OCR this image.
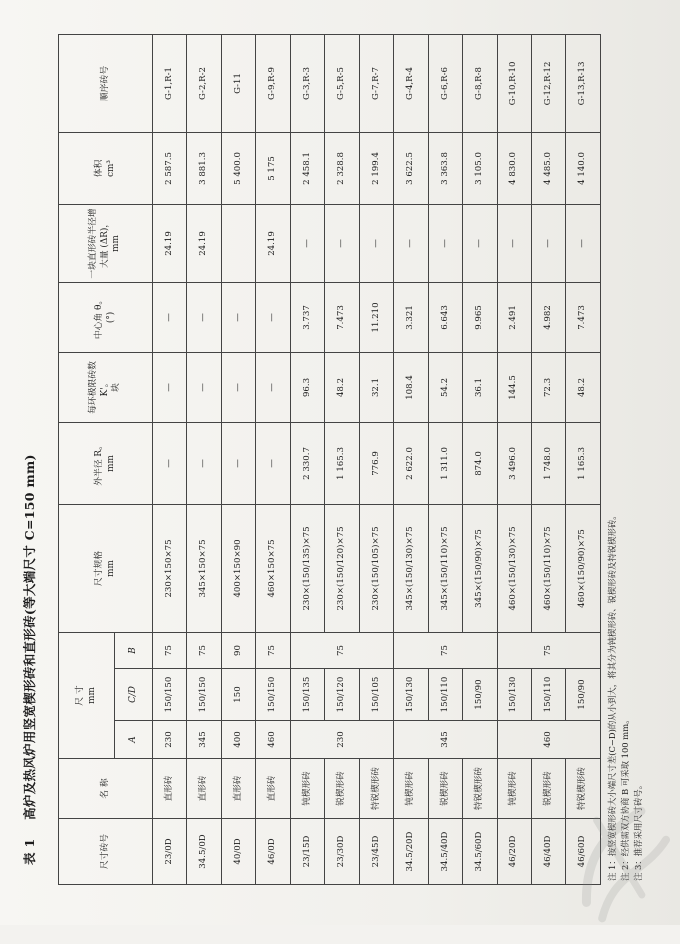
表 1 高炉及热风炉用竖宽楔形砖和直形砖(等大端尺寸 C=150 mm)
尺寸砖号	名 称	尺 寸 mm			尺寸规格 mm	外半径 R。 mm	每环极限砖数 K'。 块	中心角 θ。 (°)	一块直形砖半径增大量 (ΔR)， mm	体积 cm³	顺序砖号
		A	C/D	B							
23/0D	直形砖	230	150/150	75	230×150×75	—	—	—	24.19	2 587.5	G-1,R-1
34.5/0D	直形砖	345	150/150	75	345×150×75	—	—	—	24.19	3 881.3	G-2,R-2
40/0D	直形砖	400	150	90	400×150×90	—	—	—		5 400.0	G-11
46/0D	直形砖	460	150/150	75	460×150×75	—	—	—	24.19	5 175	G-9,R-9
23/15D	钝楔形砖	230	150/135	75	230×(150/135)×75	2 330.7	96.3	3.737	—	2 458.1	G-3,R-3
23/30D	锐楔形砖		150/120		230×(150/120)×75	1 165.3	48.2	7.473	—	2 328.8	G-5,R-5
23/45D	特锐楔形砖		150/105		230×(150/105)×75	776.9	32.1	11.210	—	2 199.4	G-7,R-7
34.5/20D	钝楔形砖	345	150/130	75	345×(150/130)×75	2 622.0	108.4	3.321	—	3 622.5	G-4,R-4
34.5/40D	锐楔形砖		150/110		345×(150/110)×75	1 311.0	54.2	6.643	—	3 363.8	G-6,R-6
34.5/60D	特锐楔形砖		150/90		345×(150/90)×75	874.0	36.1	9.965	—	3 105.0	G-8,R-8
46/20D	钝楔形砖	460	150/130	75	460×(150/130)×75	3 496.0	144.5	2.491	—	4 830.0	G-10,R-10
46/40D	锐楔形砖		150/110		460×(150/110)×75	1 748.0	72.3	4.982	—	4 485.0	G-12,R-12
46/60D	特锐楔形砖		150/90		460×(150/90)×75	1 165.3	48.2	7.473	—	4 140.0	G-13,R-13
注 1：按竖宽楔形砖大小端尺寸差(C−D)的从小到大，将其分为钝楔形砖、锐楔形砖及特锐楔形砖。 注 2：经供需双方协商 B 可采取 100 mm。 注 3：推荐采用尺寸砖号。
